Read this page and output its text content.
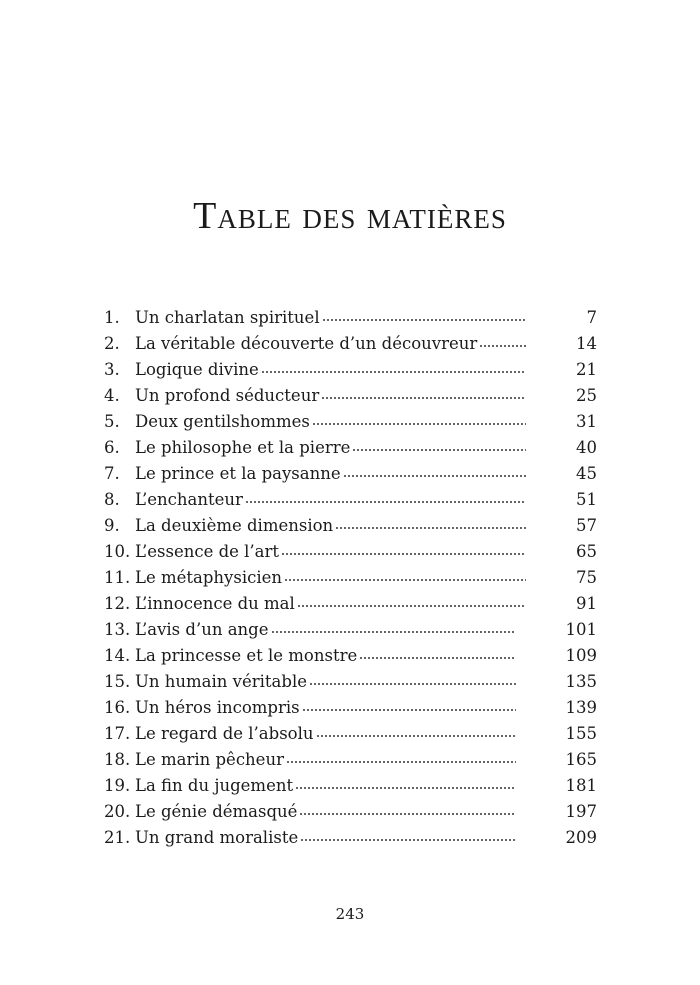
Table des matières
1. Un charlatan spirituel	7
2. La véritable découverte d’un découvreur	14
3. Logique divine	21
4. Un profond séducteur	25
5. Deux gentilshommes	31
6. Le philosophe et la pierre	40
7. Le prince et la paysanne	45
8. L’enchanteur	51
9. La deuxième dimension	57
10. L’essence de l’art	65
11. Le métaphysicien	75
12. L’innocence du mal	91
13. L’avis d’un ange	101
14. La princesse et le monstre	109
15. Un humain véritable	135
16. Un héros incompris	139
17. Le regard de l’absolu	155
18. Le marin pêcheur	165
19. La fin du jugement	181
20. Le génie démasqué	197
21. Un grand moraliste	209
243
